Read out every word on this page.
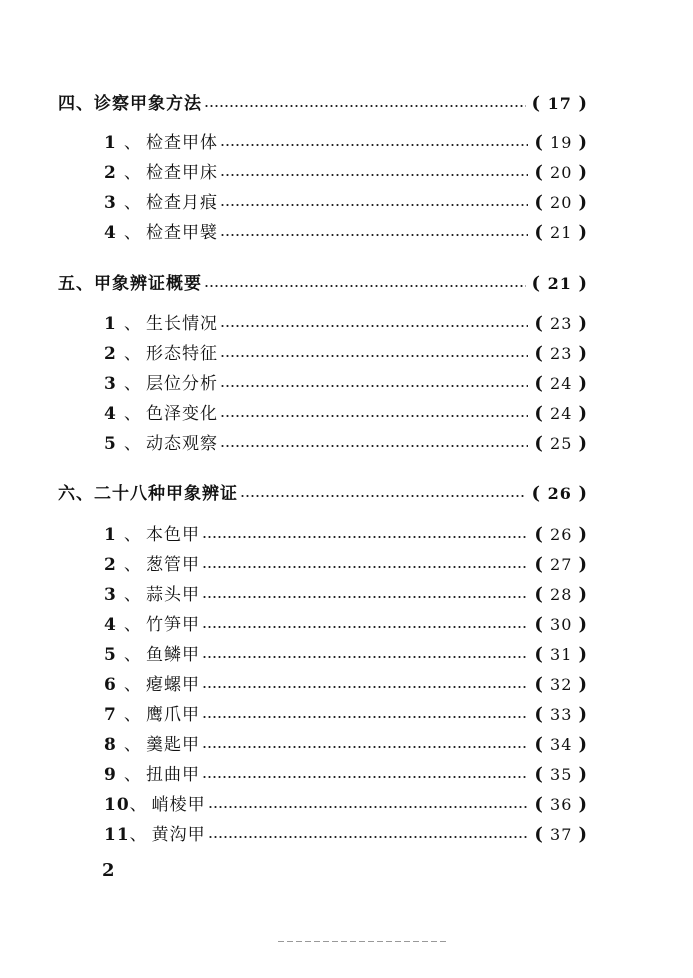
四、诊察甲象方法	( 17 )
1 、 检查甲体	( 19 )
2 、 检查甲床	( 20 )
3 、 检查月痕	( 20 )
4 、 检查甲襞	( 21 )
五、甲象辨证概要	( 21 )
1 、 生长情况	( 23 )
2 、 形态特征	( 23 )
3 、 层位分析	( 24 )
4 、 色泽变化	( 24 )
5 、 动态观察	( 25 )
六、二十八种甲象辨证	( 26 )
1 、 本色甲	( 26 )
2 、 葱管甲	( 27 )
3 、 蒜头甲	( 28 )
4 、 竹笋甲	( 30 )
5 、 鱼鳞甲	( 31 )
6 、 瘪螺甲	( 32 )
7 、 鹰爪甲	( 33 )
8 、 羹匙甲	( 34 )
9 、 扭曲甲	( 35 )
10、 峭棱甲	( 36 )
11、 黄沟甲	( 37 )
2
